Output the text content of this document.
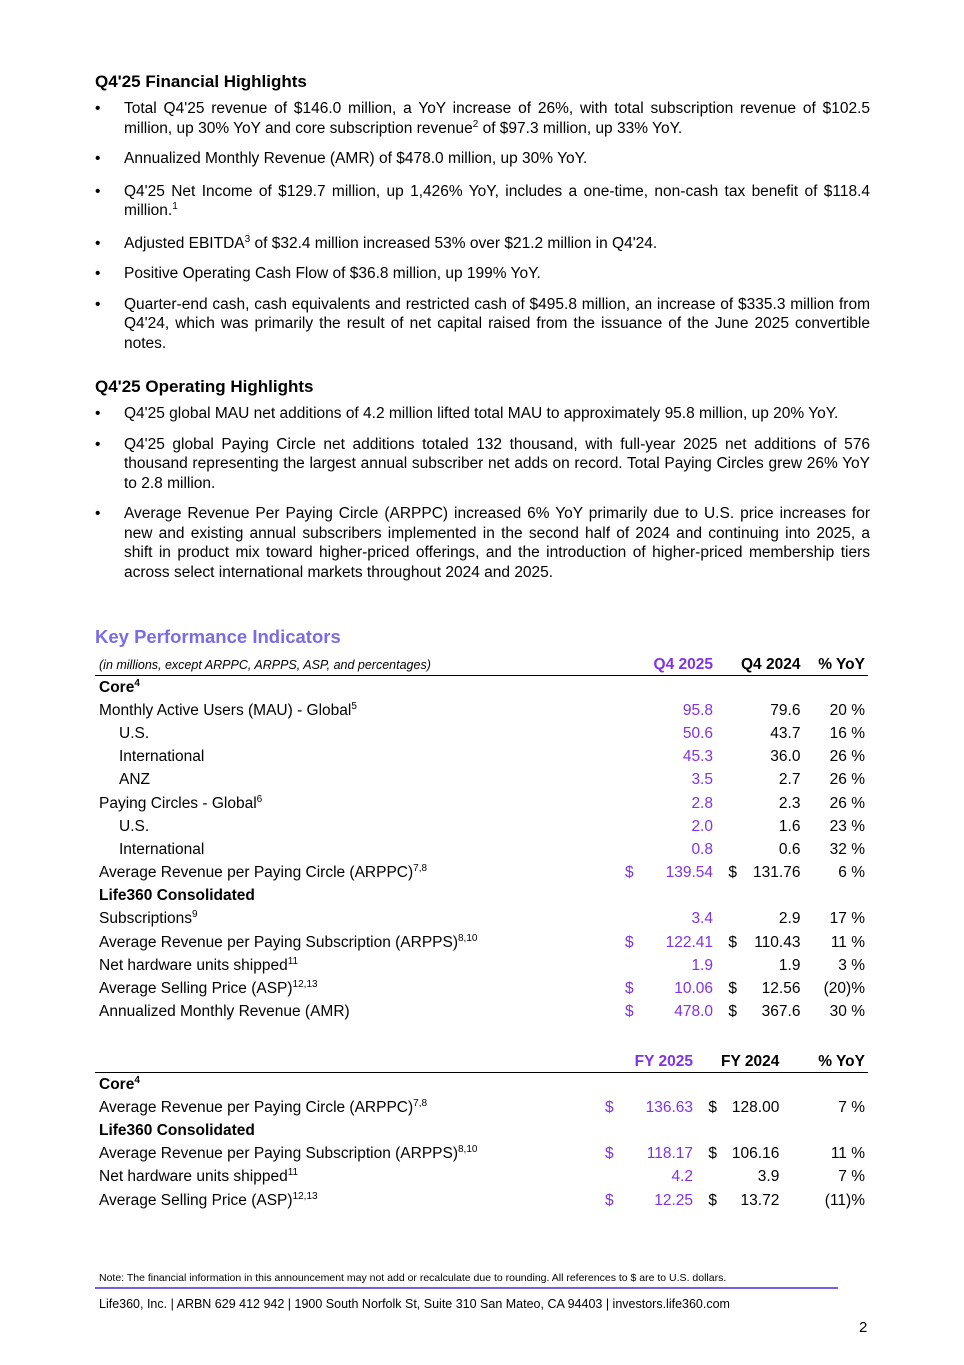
Q4'25 Financial Highlights
• Total Q4'25 revenue of $146.0 million, a YoY increase of 26%, with total subscription revenue of $102.5 million, up 30% YoY and core subscription revenue$^2$ of $97.3 million, up 33% YoY.
• Annualized Monthly Revenue (AMR) of $478.0 million, up 30% YoY.
• Q4'25 Net Income of $129.7 million, up 1,426% YoY, includes a one-time, non-cash tax benefit of $118.4 million.$^1$
• Adjusted EBITDA$^3$ of $32.4 million increased 53% over $21.2 million in Q4'24.
• Positive Operating Cash Flow of $36.8 million, up 199% YoY.
• Quarter-end cash, cash equivalents and restricted cash of $495.8 million, an increase of $335.3 million from Q4'24, which was primarily the result of net capital raised from the issuance of the June 2025 convertible notes.
Q4'25 Operating Highlights
• Q4'25 global MAU net additions of 4.2 million lifted total MAU to approximately 95.8 million, up 20% YoY.
• Q4'25 global Paying Circle net additions totaled 132 thousand, with full-year 2025 net additions of 576 thousand representing the largest annual subscriber net adds on record. Total Paying Circles grew 26% YoY to 2.8 million.
• Average Revenue Per Paying Circle (ARPPC) increased 6% YoY primarily due to U.S. price increases for new and existing annual subscribers implemented in the second half of 2024 and continuing into 2025, a shift in product mix toward higher-priced offerings, and the introduction of higher-priced membership tiers across select international markets throughout 2024 and 2025.
Key Performance Indicators
(in millions, except ARPPC, ARPPS, ASP, and percentages)		Q4 2025		Q4 2024	% YoY
Core$^4$	
Monthly Active Users (MAU) - Global$^5$		95.8		79.6	20 %
U.S.		50.6		43.7	16 %
International		45.3		36.0	26 %
ANZ		3.5		2.7	26 %
Paying Circles - Global$^6$		2.8		2.3	26 %
U.S.		2.0		1.6	23 %
International		0.8		0.6	32 %
Average Revenue per Paying Circle (ARPPC)$^{7,8}$	$	139.54	$	131.76	6 %
Life360 Consolidated					
Subscriptions$^9$		3.4		2.9	17 %
Average Revenue per Paying Subscription (ARPPS)$^{8,10}$	$	122.41	$	110.43	11 %
Net hardware units shipped$^{11}$		1.9		1.9	3 %
Average Selling Price (ASP)$^{12,13}$	$	10.06	$	12.56	(20)%
Annualized Monthly Revenue (AMR)	$	478.0	$	367.6	30 %
		FY 2025		FY 2024	% YoY
Core$^4$	
Average Revenue per Paying Circle (ARPPC)$^{7,8}$	$	136.63	$	128.00	7 %
Life360 Consolidated					
Average Revenue per Paying Subscription (ARPPS)$^{8,10}$	$	118.17	$	106.16	11 %
Net hardware units shipped$^{11}$		4.2		3.9	7 %
Average Selling Price (ASP)$^{12,13}$	$	12.25	$	13.72	(11)%
Note: The financial information in this announcement may not add or recalculate due to rounding. All references to $ are to U.S. dollars.
Life360, Inc. | ARBN 629 412 942 | 1900 South Norfolk St, Suite 310 San Mateo, CA 94403 | investors.life360.com
2
